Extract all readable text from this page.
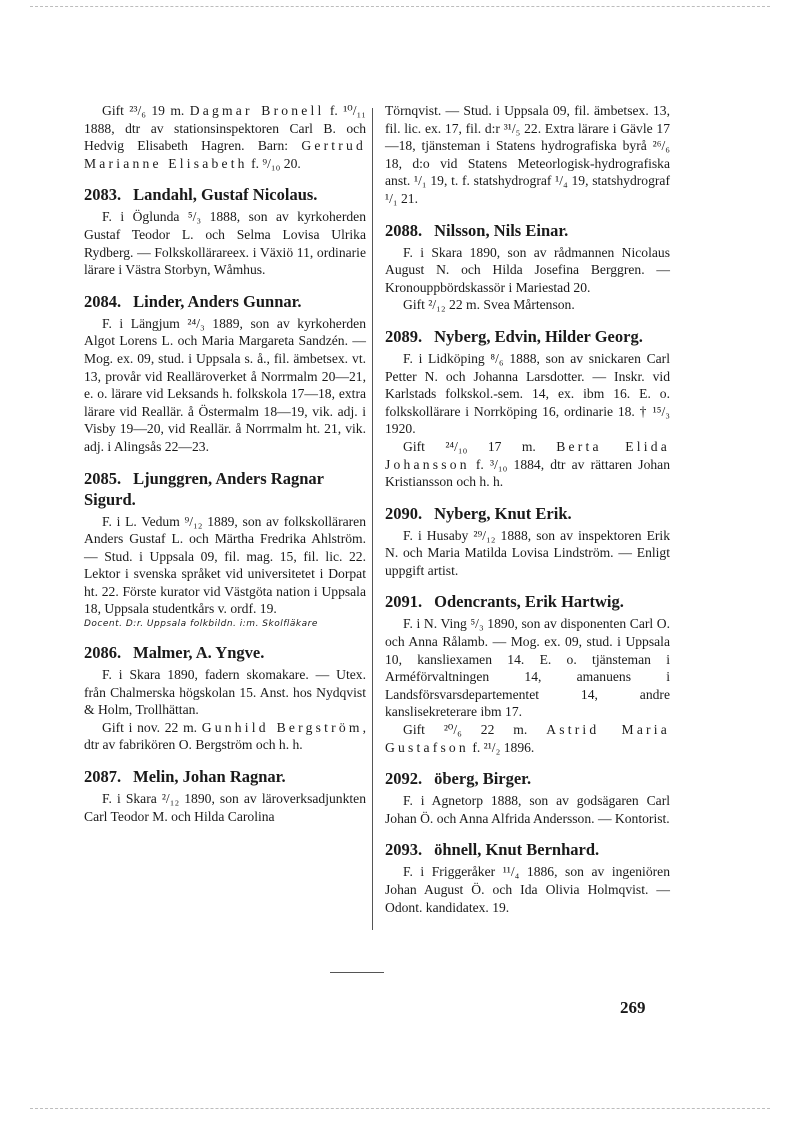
Gift ²³/₆ 19 m. Dagmar Bronell f. ¹⁰/₁₁ 1888, dtr av stationsinspektoren Carl B. och Hedvig Elisabeth Hagren. Barn: Gertrud Marianne Elisabeth f. ⁹/₁₀ 20.

2083. Landahl, Gustaf Nicolaus.

F. i Öglunda ⁵/₃ 1888, son av kyrkoherden Gustaf Teodor L. och Selma Lovisa Ulrika Rydberg. — Folkskollärareex. i Växiö 11, ordinarie lärare i Västra Storbyn, Wåmhus.

2084. Linder, Anders Gunnar.

F. i Längjum ²⁴/₃ 1889, son av kyrkoherden Algot Lorens L. och Maria Margareta Sandzén. — Mog. ex. 09, stud. i Uppsala s. å., fil. ämbetsex. vt. 13, provår vid Realläroverket å Norrmalm 20—21, e. o. lärare vid Leksands h. folkskola 17—18, extra lärare vid Reallär. å Östermalm 18—19, vik. adj. i Visby 19—20, vid Reallär. å Norrmalm ht. 21, vik. adj. i Alingsås 22—23.

2085. Ljunggren, Anders Ragnar Sigurd.

F. i L. Vedum ⁹/₁₂ 1889, son av folkskolläraren Anders Gustaf L. och Märtha Fredrika Ahlström. — Stud. i Uppsala 09, fil. mag. 15, fil. lic. 22. Lektor i svenska språket vid universitetet i Dorpat ht. 22. Förste kurator vid Västgöta nation i Uppsala 18, Uppsala studentkårs v. ordf. 19.

Docent. D:r. Uppsala folkbildn. i:m. Skolfläkare

2086. Malmer, A. Yngve.

F. i Skara 1890, fadern skomakare. — Utex. från Chalmerska högskolan 15. Anst. hos Nydqvist & Holm, Trollhättan.

Gift i nov. 22 m. Gunhild Bergström, dtr av fabrikören O. Bergström och h. h.

2087. Melin, Johan Ragnar.

F. i Skara ²/₁₂ 1890, son av läroverksadjunkten Carl Teodor M. och Hilda Carolina

Törnqvist. — Stud. i Uppsala 09, fil. ämbetsex. 13, fil. lic. ex. 17, fil. d:r ³¹/₅ 22. Extra lärare i Gävle 17—18, tjänsteman i Statens hydrografiska byrå ²⁶/₆ 18, d:o vid Statens Meteorlogisk-hydrografiska anst. ¹/₁ 19, t. f. statshydrograf ¹/₄ 19, statshydrograf ¹/₁ 21.

2088. Nilsson, Nils Einar.

F. i Skara 1890, son av rådmannen Nicolaus August N. och Hilda Josefina Berggren. — Kronouppbördskassör i Mariestad 20.

Gift ²/₁₂ 22 m. Svea Mårtenson.

2089. Nyberg, Edvin, Hilder Georg.

F. i Lidköping ⁸/₆ 1888, son av snickaren Carl Petter N. och Johanna Larsdotter. — Inskr. vid Karlstads folkskol.-sem. 14, ex. ibm 16. E. o. folkskollärare i Norrköping 16, ordinarie 18. † ¹⁵/₃ 1920.

Gift ²⁴/₁₀ 17 m. Berta Elida Johansson f. ³/₁₀ 1884, dtr av rättaren Johan Kristiansson och h. h.

2090. Nyberg, Knut Erik.

F. i Husaby ²⁹/₁₂ 1888, son av inspektoren Erik N. och Maria Matilda Lovisa Lindström. — Enligt uppgift artist.

2091. Odencrants, Erik Hartwig.

F. i N. Ving ⁵/₃ 1890, son av disponenten Carl O. och Anna Rålamb. — Mog. ex. 09, stud. i Uppsala 10, kansliexamen 14. E. o. tjänsteman i Arméförvaltningen 14, amanuens i Landsförsvarsdepartementet 14, andre kanslisekreterare ibm 17.

Gift ²⁰/₆ 22 m. Astrid Maria Gustafson f. ²¹/₂ 1896.

2092. öberg, Birger.

F. i Agnetorp 1888, son av godsägaren Carl Johan Ö. och Anna Alfrida Andersson. — Kontorist.

2093. öhnell, Knut Bernhard.

F. i Friggeråker ¹¹/₄ 1886, son av ingeniören Johan August Ö. och Ida Olivia Holmqvist. — Odont. kandidatex. 19.

269
